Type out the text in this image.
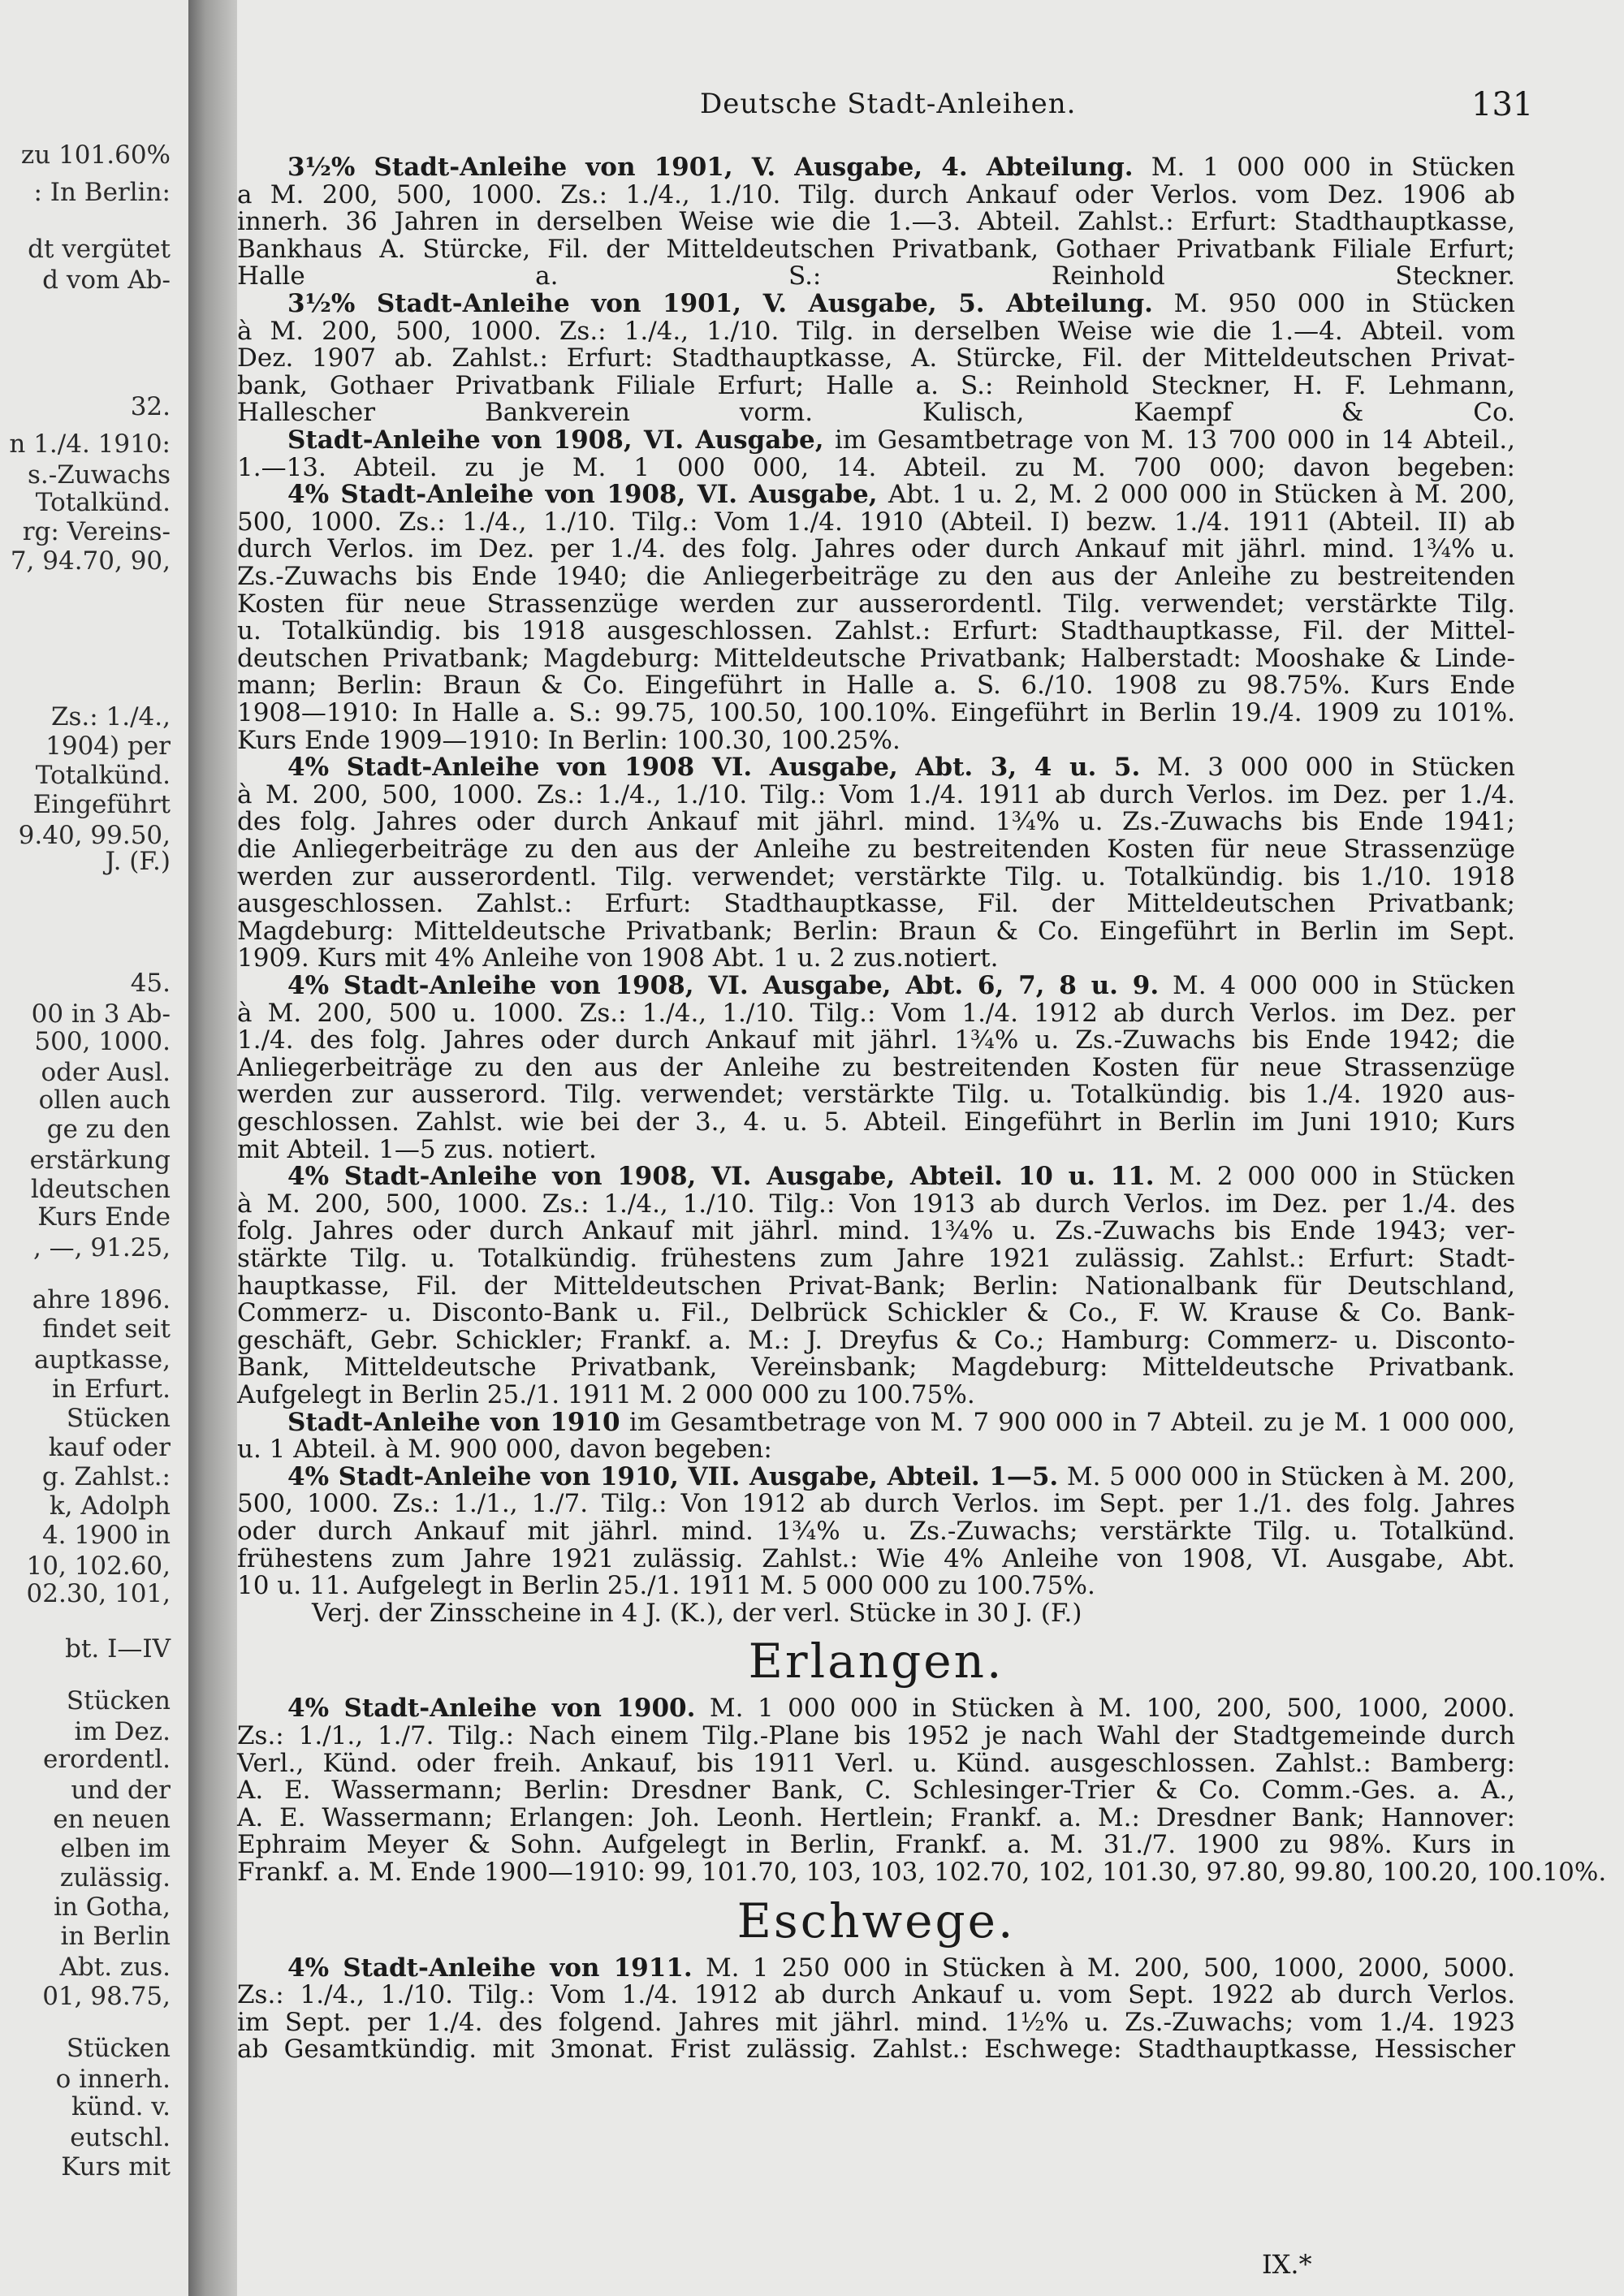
zu 101.60%
: In Berlin:
dt vergütet
d vom Ab-
32.
n 1./4. 1910:
s.-Zuwachs
Totalkünd.
rg: Vereins-
7, 94.70, 90,
Zs.: 1./4.,
1904) per
Totalkünd.
Eingeführt
9.40, 99.50,
J. (F.)
45.
00 in 3 Ab-
500, 1000.
oder Ausl.
ollen auch
ge zu den
erstärkung
ldeutschen
Kurs Ende
, —, 91.25,
ahre 1896.
findet seit
auptkasse,
in Erfurt.
Stücken
kauf oder
g. Zahlst.:
k, Adolph
4. 1900 in
10, 102.60,
02.30, 101,
bt. I—IV
Stücken
im Dez.
erordentl.
und der
en neuen
elben im
zulässig.
in Gotha,
in Berlin
Abt. zus.
01, 98.75,
Stücken
o innerh.
künd. v.
eutschl.
Kurs mit
Deutsche Stadt-Anleihen.	131
3½% Stadt-Anleihe von 1901, V. Ausgabe, 4. Abteilung. M. 1 000 000 in Stücken
a M. 200, 500, 1000. Zs.: 1./4., 1./10. Tilg. durch Ankauf oder Verlos. vom Dez. 1906 ab
innerh. 36 Jahren in derselben Weise wie die 1.—3. Abteil. Zahlst.: Erfurt: Stadthauptkasse,
Bankhaus A. Stürcke, Fil. der Mitteldeutschen Privatbank, Gothaer Privatbank Filiale Erfurt;
Halle a. S.: Reinhold Steckner.
3½% Stadt-Anleihe von 1901, V. Ausgabe, 5. Abteilung. M. 950 000 in Stücken
à M. 200, 500, 1000. Zs.: 1./4., 1./10. Tilg. in derselben Weise wie die 1.—4. Abteil. vom
Dez. 1907 ab. Zahlst.: Erfurt: Stadthauptkasse, A. Stürcke, Fil. der Mitteldeutschen Privat-
bank, Gothaer Privatbank Filiale Erfurt; Halle a. S.: Reinhold Steckner, H. F. Lehmann,
Hallescher Bankverein vorm. Kulisch, Kaempf & Co.
Stadt-Anleihe von 1908, VI. Ausgabe, im Gesamtbetrage von M. 13 700 000 in 14 Abteil.,
1.—13. Abteil. zu je M. 1 000 000, 14. Abteil. zu M. 700 000; davon begeben:
4% Stadt-Anleihe von 1908, VI. Ausgabe, Abt. 1 u. 2, M. 2 000 000 in Stücken à M. 200,
500, 1000. Zs.: 1./4., 1./10. Tilg.: Vom 1./4. 1910 (Abteil. I) bezw. 1./4. 1911 (Abteil. II) ab
durch Verlos. im Dez. per 1./4. des folg. Jahres oder durch Ankauf mit jährl. mind. 1¾% u.
Zs.-Zuwachs bis Ende 1940; die Anliegerbeiträge zu den aus der Anleihe zu bestreitenden
Kosten für neue Strassenzüge werden zur ausserordentl. Tilg. verwendet; verstärkte Tilg.
u. Totalkündig. bis 1918 ausgeschlossen. Zahlst.: Erfurt: Stadthauptkasse, Fil. der Mittel-
deutschen Privatbank; Magdeburg: Mitteldeutsche Privatbank; Halberstadt: Mooshake & Linde-
mann; Berlin: Braun & Co. Eingeführt in Halle a. S. 6./10. 1908 zu 98.75%. Kurs Ende
1908—1910: In Halle a. S.: 99.75, 100.50, 100.10%. Eingeführt in Berlin 19./4. 1909 zu 101%.
Kurs Ende 1909—1910: In Berlin: 100.30, 100.25%.
4% Stadt-Anleihe von 1908 VI. Ausgabe, Abt. 3, 4 u. 5. M. 3 000 000 in Stücken
à M. 200, 500, 1000. Zs.: 1./4., 1./10. Tilg.: Vom 1./4. 1911 ab durch Verlos. im Dez. per 1./4.
des folg. Jahres oder durch Ankauf mit jährl. mind. 1¾% u. Zs.-Zuwachs bis Ende 1941;
die Anliegerbeiträge zu den aus der Anleihe zu bestreitenden Kosten für neue Strassenzüge
werden zur ausserordentl. Tilg. verwendet; verstärkte Tilg. u. Totalkündig. bis 1./10. 1918
ausgeschlossen. Zahlst.: Erfurt: Stadthauptkasse, Fil. der Mitteldeutschen Privatbank;
Magdeburg: Mitteldeutsche Privatbank; Berlin: Braun & Co. Eingeführt in Berlin im Sept.
1909. Kurs mit 4% Anleihe von 1908 Abt. 1 u. 2 zus.notiert.
4% Stadt-Anleihe von 1908, VI. Ausgabe, Abt. 6, 7, 8 u. 9. M. 4 000 000 in Stücken
à M. 200, 500 u. 1000. Zs.: 1./4., 1./10. Tilg.: Vom 1./4. 1912 ab durch Verlos. im Dez. per
1./4. des folg. Jahres oder durch Ankauf mit jährl. 1¾% u. Zs.-Zuwachs bis Ende 1942; die
Anliegerbeiträge zu den aus der Anleihe zu bestreitenden Kosten für neue Strassenzüge
werden zur ausserord. Tilg. verwendet; verstärkte Tilg. u. Totalkündig. bis 1./4. 1920 aus-
geschlossen. Zahlst. wie bei der 3., 4. u. 5. Abteil. Eingeführt in Berlin im Juni 1910; Kurs
mit Abteil. 1—5 zus. notiert.
4% Stadt-Anleihe von 1908, VI. Ausgabe, Abteil. 10 u. 11. M. 2 000 000 in Stücken
à M. 200, 500, 1000. Zs.: 1./4., 1./10. Tilg.: Von 1913 ab durch Verlos. im Dez. per 1./4. des
folg. Jahres oder durch Ankauf mit jährl. mind. 1¾% u. Zs.-Zuwachs bis Ende 1943; ver-
stärkte Tilg. u. Totalkündig. frühestens zum Jahre 1921 zulässig. Zahlst.: Erfurt: Stadt-
hauptkasse, Fil. der Mitteldeutschen Privat-Bank; Berlin: Nationalbank für Deutschland,
Commerz- u. Disconto-Bank u. Fil., Delbrück Schickler & Co., F. W. Krause & Co. Bank-
geschäft, Gebr. Schickler; Frankf. a. M.: J. Dreyfus & Co.; Hamburg: Commerz- u. Disconto-
Bank, Mitteldeutsche Privatbank, Vereinsbank; Magdeburg: Mitteldeutsche Privatbank.
Aufgelegt in Berlin 25./1. 1911 M. 2 000 000 zu 100.75%.
Stadt-Anleihe von 1910 im Gesamtbetrage von M. 7 900 000 in 7 Abteil. zu je M. 1 000 000,
u. 1 Abteil. à M. 900 000, davon begeben:
4% Stadt-Anleihe von 1910, VII. Ausgabe, Abteil. 1—5. M. 5 000 000 in Stücken à M. 200,
500, 1000. Zs.: 1./1., 1./7. Tilg.: Von 1912 ab durch Verlos. im Sept. per 1./1. des folg. Jahres
oder durch Ankauf mit jährl. mind. 1¾% u. Zs.-Zuwachs; verstärkte Tilg. u. Totalkünd.
frühestens zum Jahre 1921 zulässig. Zahlst.: Wie 4% Anleihe von 1908, VI. Ausgabe, Abt.
10 u. 11. Aufgelegt in Berlin 25./1. 1911 M. 5 000 000 zu 100.75%.
Verj. der Zinsscheine in 4 J. (K.), der verl. Stücke in 30 J. (F.)
Erlangen.
4% Stadt-Anleihe von 1900. M. 1 000 000 in Stücken à M. 100, 200, 500, 1000, 2000.
Zs.: 1./1., 1./7. Tilg.: Nach einem Tilg.-Plane bis 1952 je nach Wahl der Stadtgemeinde durch
Verl., Künd. oder freih. Ankauf, bis 1911 Verl. u. Künd. ausgeschlossen. Zahlst.: Bamberg:
A. E. Wassermann; Berlin: Dresdner Bank, C. Schlesinger-Trier & Co. Comm.-Ges. a. A.,
A. E. Wassermann; Erlangen: Joh. Leonh. Hertlein; Frankf. a. M.: Dresdner Bank; Hannover:
Ephraim Meyer & Sohn. Aufgelegt in Berlin, Frankf. a. M. 31./7. 1900 zu 98%. Kurs in
Frankf. a. M. Ende 1900—1910: 99, 101.70, 103, 103, 102.70, 102, 101.30, 97.80, 99.80, 100.20, 100.10%.
Eschwege.
4% Stadt-Anleihe von 1911. M. 1 250 000 in Stücken à M. 200, 500, 1000, 2000, 5000.
Zs.: 1./4., 1./10. Tilg.: Vom 1./4. 1912 ab durch Ankauf u. vom Sept. 1922 ab durch Verlos.
im Sept. per 1./4. des folgend. Jahres mit jährl. mind. 1½% u. Zs.-Zuwachs; vom 1./4. 1923
ab Gesamtkündig. mit 3monat. Frist zulässig. Zahlst.: Eschwege: Stadthauptkasse, Hessischer
IX.*
